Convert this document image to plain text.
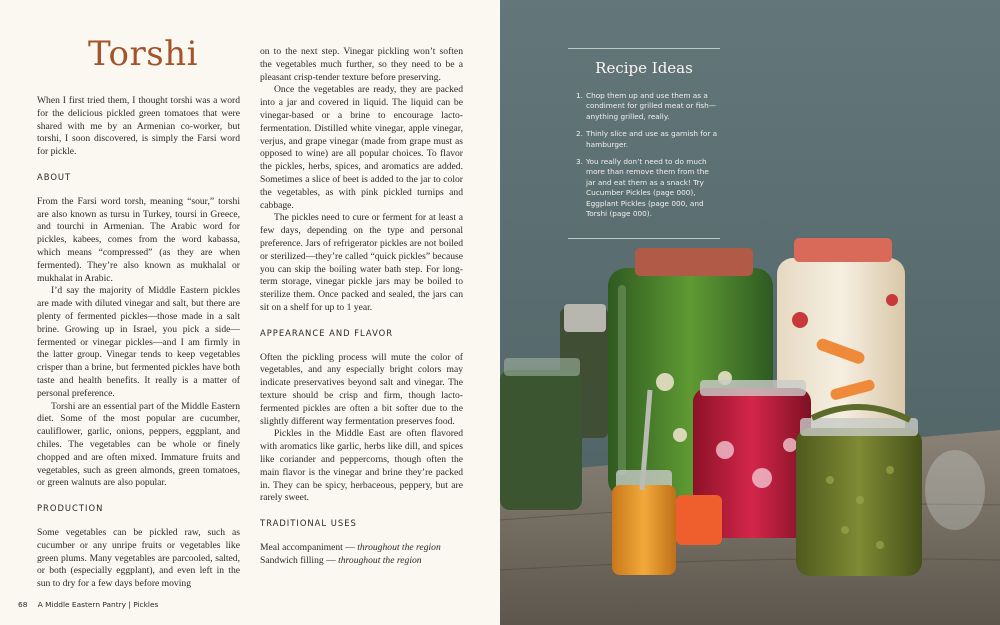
Torshi

When I first tried them, I thought torshi was a word for the delicious pickled green tomatoes that were shared with me by an Armenian co-worker, but torshi, I soon discovered, is simply the Farsi word for pickle.

ABOUT

From the Farsi word torsh, meaning “sour,” torshi are also known as tursu in Turkey, toursi in Greece, and tourchi in Armenian. The Arabic word for pickles, kabees, comes from the word kabassa, which means “compressed” (as they are when fermented). They’re also known as mukhalal or mukhalat in Arabic.

I’d say the majority of Middle Eastern pickles are made with diluted vinegar and salt, but there are plenty of fermented pickles—those made in a salt brine. Growing up in Israel, you pick a side—fermented or vinegar pickles—and I am firmly in the latter group. Vinegar tends to keep vegetables crisper than a brine, but fermented pickles have both taste and health benefits. It really is a matter of personal preference.

Torshi are an essential part of the Middle Eastern diet. Some of the most popular are cucumber, cauliflower, garlic, onions, peppers, eggplant, and chiles. The vegetables can be whole or finely chopped and are often mixed. Immature fruits and vegetables, such as green almonds, green tomatoes, or green walnuts are also popular.

PRODUCTION

Some vegetables can be pickled raw, such as cucumber or any unripe fruits or vegetables like green plums. Many vegetables are parcooled, salted, or both (especially eggplant), and even left in the sun to dry for a few days before moving

on to the next step. Vinegar pickling won’t soften the vegetables much further, so they need to be a pleasant crisp-tender texture before preserving.

Once the vegetables are ready, they are packed into a jar and covered in liquid. The liquid can be vinegar-based or a brine to encourage lacto-fermentation. Distilled white vinegar, apple vinegar, verjus, and grape vinegar (made from grape must as opposed to wine) are all popular choices. To flavor the pickles, herbs, spices, and aromatics are added. Sometimes a slice of beet is added to the jar to color the vegetables, as with pink pickled turnips and cabbage.

The pickles need to cure or ferment for at least a few days, depending on the type and personal preference. Jars of refrigerator pickles are not boiled or sterilized—they’re called “quick pickles” because you can skip the boiling water bath step. For long-term storage, vinegar pickle jars may be boiled to sterilize them. Once packed and sealed, the jars can sit on a shelf for up to 1 year.

APPEARANCE AND FLAVOR

Often the pickling process will mute the color of vegetables, and any especially bright colors may indicate preservatives beyond salt and vinegar. The texture should be crisp and firm, though lacto-fermented pickles are often a bit softer due to the slightly different way fermentation preserves food.

Pickles in the Middle East are often flavored with aromatics like garlic, herbs like dill, and spices like coriander and peppercorns, though often the main flavor is the vinegar and brine they’re packed in. They can be spicy, herbaceous, peppery, but are rarely sweet.

TRADITIONAL USES

Meal accompaniment — throughout the region

Sandwich filling — throughout the region

68 A Middle Eastern Pantry | Pickles
Recipe Ideas
1. Chop them up and use them as a condiment for grilled meat or fish—anything grilled, really.
2. Thinly slice and use as garnish for a hamburger.
3. You really don’t need to do much more than remove them from the jar and eat them as a snack! Try Cucumber Pickles (page 000), Eggplant Pickles (page 000, and Torshi (page 000).
